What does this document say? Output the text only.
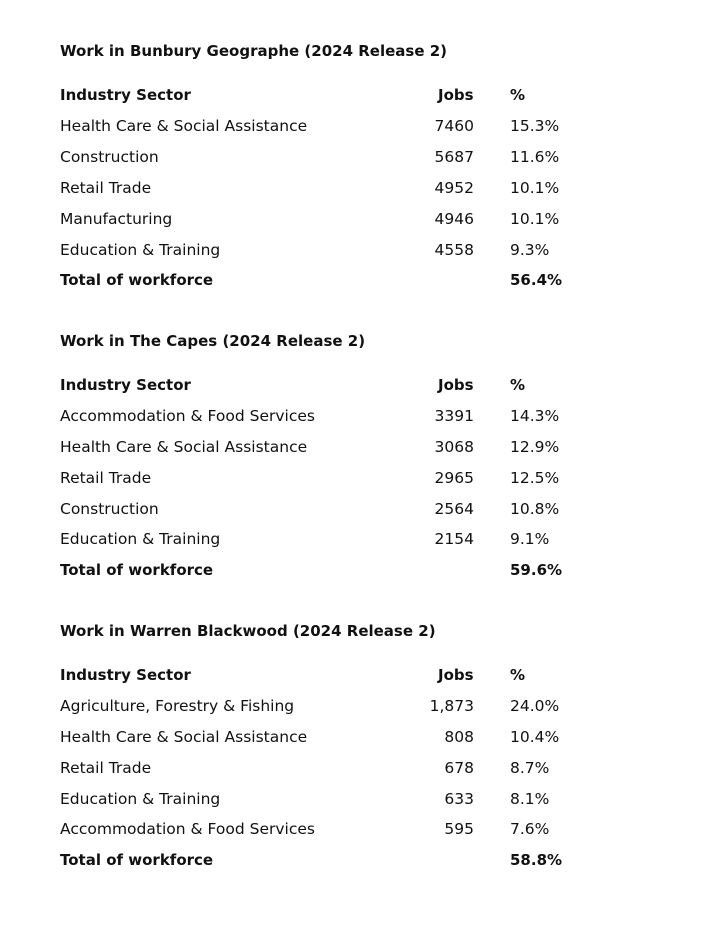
Work in Bunbury Geographe (2024 Release 2)
Industry Sector	Jobs %
Health Care & Social Assistance	7460 15.3%
Construction	5687 11.6%
Retail Trade	4952 10.1%
Manufacturing	4946 10.1%
Education & Training	4558 9.3%
Total of workforce	56.4%
Work in The Capes (2024 Release 2)
Industry Sector	Jobs %
Accommodation & Food Services	3391 14.3%
Health Care & Social Assistance	3068 12.9%
Retail Trade	2965 12.5%
Construction	2564 10.8%
Education & Training	2154 9.1%
Total of workforce	59.6%
Work in Warren Blackwood (2024 Release 2)
Industry Sector	Jobs %
Agriculture, Forestry & Fishing	1,873 24.0%
Health Care & Social Assistance	808 10.4%
Retail Trade	678 8.7%
Education & Training	633 8.1%
Accommodation & Food Services	595 7.6%
Total of workforce	58.8%
